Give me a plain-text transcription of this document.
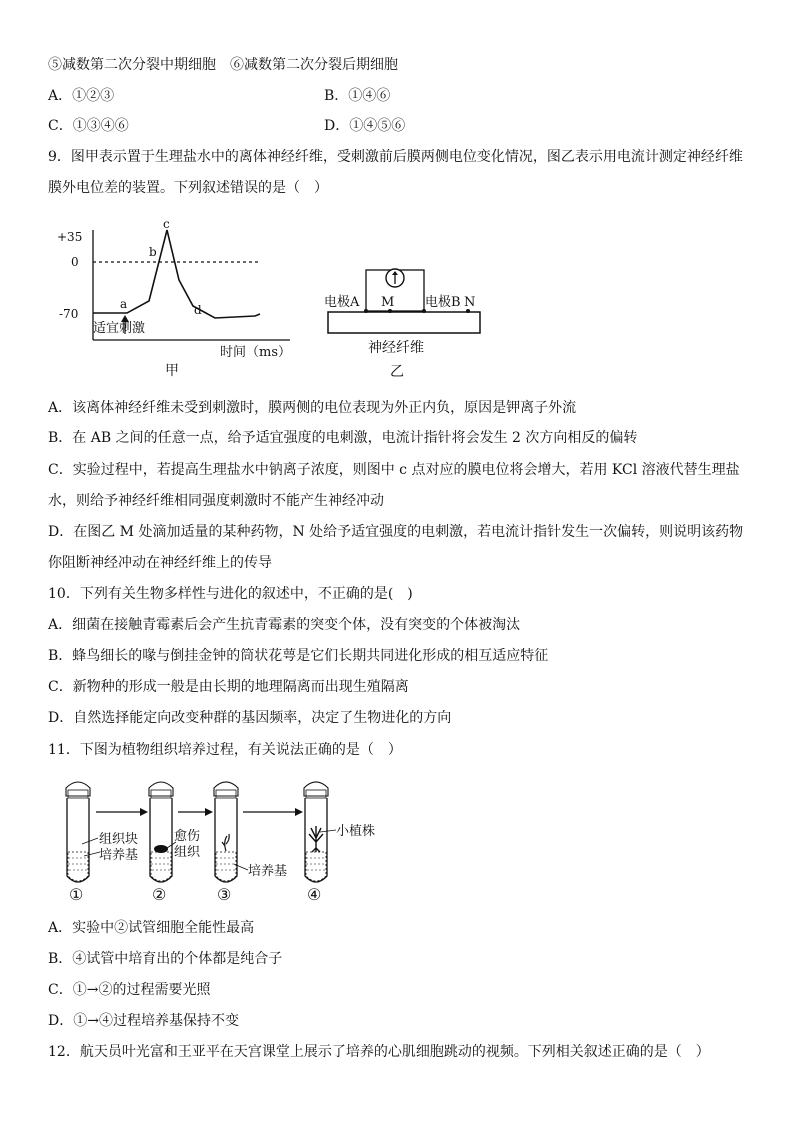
⑤减数第二次分裂中期细胞　⑥减数第二次分裂后期细胞
A．①②③	B．①④⑥
C．①③④⑥	D．①④⑤⑥
9．图甲表示置于生理盐水中的离体神经纤维，受刺激前后膜两侧电位变化情况，图乙表示用电流计测定神经纤维
膜外电位差的装置。下列叙述错误的是（　）
+35
0
-70
a
b
c
d
适宜刺激
时间（ms）
甲
电极A M 电极B N
神经纤维
乙
A．该离体神经纤维未受到刺激时，膜两侧的电位表现为外正内负，原因是钾离子外流
B．在 AB 之间的任意一点，给予适宜强度的电刺激，电流计指针将会发生 2 次方向相反的偏转
C．实验过程中，若提高生理盐水中钠离子浓度，则图中 c 点对应的膜电位将会增大，若用 KCl 溶液代替生理盐
水，则给予神经纤维相同强度刺激时不能产生神经冲动
D．在图乙 M 处滴加适量的某种药物，N 处给予适宜强度的电刺激，若电流计指针发生一次偏转，则说明该药物
你阻断神经冲动在神经纤维上的传导
10．下列有关生物多样性与进化的叙述中，不正确的是(　)
A．细菌在接触青霉素后会产生抗青霉素的突变个体，没有突变的个体被淘汰
B．蜂鸟细长的喙与倒挂金钟的筒状花萼是它们长期共同进化形成的相互适应特征
C．新物种的形成一般是由长期的地理隔离而出现生殖隔离
D．自然选择能定向改变种群的基因频率，决定了生物进化的方向
11．下图为植物组织培养过程，有关说法正确的是（　）
组织块
培养基
愈伤
组织
培养基
小植株
①	②	③	④
A．实验中②试管细胞全能性最高
B．④试管中培育出的个体都是纯合子
C．①→②的过程需要光照
D．①→④过程培养基保持不变
12．航天员叶光富和王亚平在天宫课堂上展示了培养的心肌细胞跳动的视频。下列相关叙述正确的是（　）
